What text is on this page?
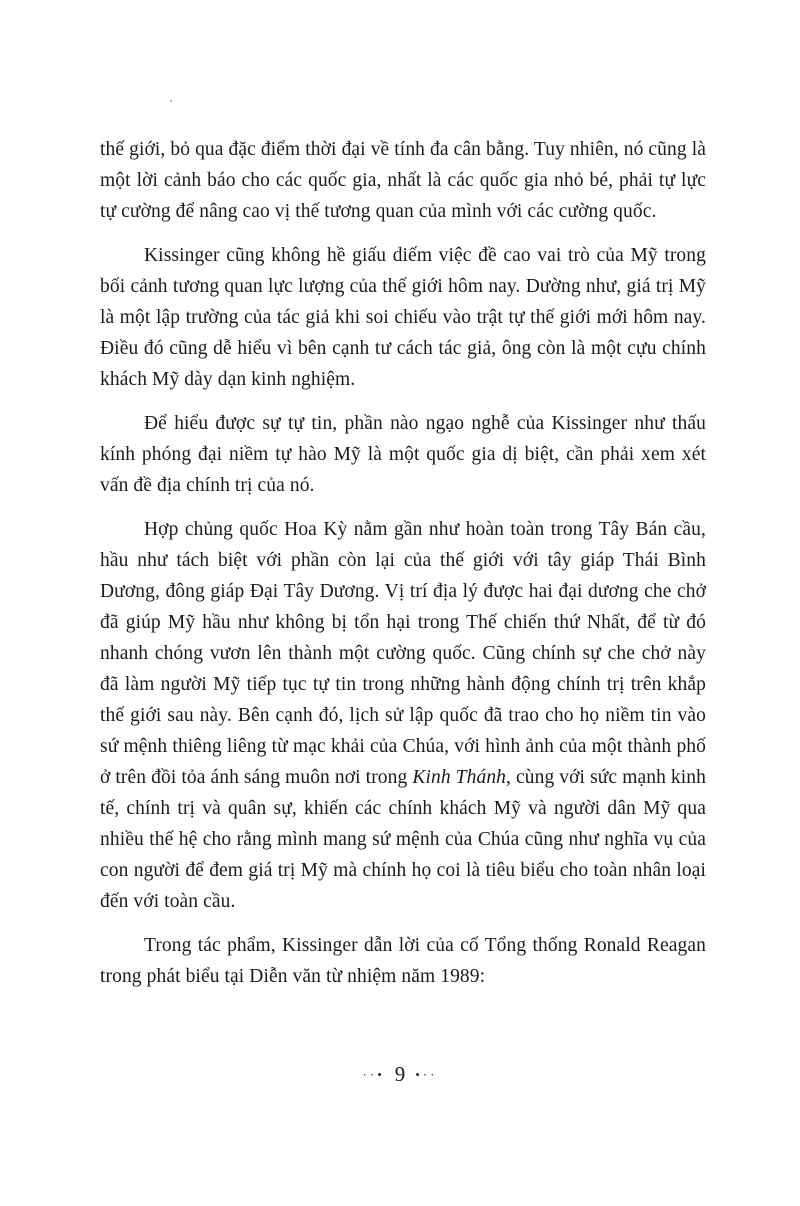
thế giới, bỏ qua đặc điểm thời đại về tính đa cân bằng. Tuy nhiên, nó cũng là một lời cảnh báo cho các quốc gia, nhất là các quốc gia nhỏ bé, phải tự lực tự cường để nâng cao vị thế tương quan của mình với các cường quốc.

Kissinger cũng không hề giấu diếm việc đề cao vai trò của Mỹ trong bối cảnh tương quan lực lượng của thế giới hôm nay. Dường như, giá trị Mỹ là một lập trường của tác giả khi soi chiếu vào trật tự thế giới mới hôm nay. Điều đó cũng dễ hiểu vì bên cạnh tư cách tác giả, ông còn là một cựu chính khách Mỹ dày dạn kinh nghiệm.

Để hiểu được sự tự tin, phần nào ngạo nghễ của Kissinger như thấu kính phóng đại niềm tự hào Mỹ là một quốc gia dị biệt, cần phải xem xét vấn đề địa chính trị của nó.

Hợp chủng quốc Hoa Kỳ nằm gần như hoàn toàn trong Tây Bán cầu, hầu như tách biệt với phần còn lại của thế giới với tây giáp Thái Bình Dương, đông giáp Đại Tây Dương. Vị trí địa lý được hai đại dương che chở đã giúp Mỹ hầu như không bị tổn hại trong Thế chiến thứ Nhất, để từ đó nhanh chóng vươn lên thành một cường quốc. Cũng chính sự che chở này đã làm người Mỹ tiếp tục tự tin trong những hành động chính trị trên khắp thế giới sau này. Bên cạnh đó, lịch sử lập quốc đã trao cho họ niềm tin vào sứ mệnh thiêng liêng từ mạc khải của Chúa, với hình ảnh của một thành phố ở trên đồi tỏa ánh sáng muôn nơi trong Kinh Thánh, cùng với sức mạnh kinh tế, chính trị và quân sự, khiến các chính khách Mỹ và người dân Mỹ qua nhiều thế hệ cho rằng mình mang sứ mệnh của Chúa cũng như nghĩa vụ của con người để đem giá trị Mỹ mà chính họ coi là tiêu biểu cho toàn nhân loại đến với toàn cầu.

Trong tác phẩm, Kissinger dẫn lời của cố Tổng thống Ronald Reagan trong phát biểu tại Diễn văn từ nhiệm năm 1989:

··• 9 •··
